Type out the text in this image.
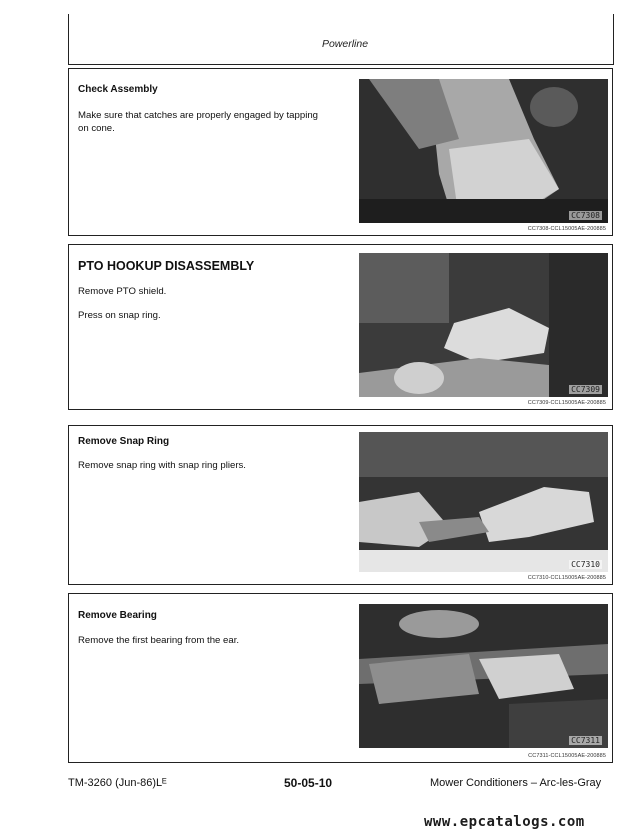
Powerline
Check Assembly

Make sure that catches are properly engaged by tapping on cone.

CC7308
CC7308-CCL15005AE-200885
PTO HOOKUP DISASSEMBLY

Remove PTO shield.

Press on snap ring.

CC7309
CC7309-CCL15005AE-200885
Remove Snap Ring

Remove snap ring with snap ring pliers.

CC7310
CC7310-CCL15005AE-200885
Remove Bearing

Remove the first bearing from the ear.

CC7311
CC7311-CCL15005AE-200885
TM-3260 (Jun-86)Lᴱ	50-05-10	Mower Conditioners – Arc-les-Gray
www.epcatalogs.com
